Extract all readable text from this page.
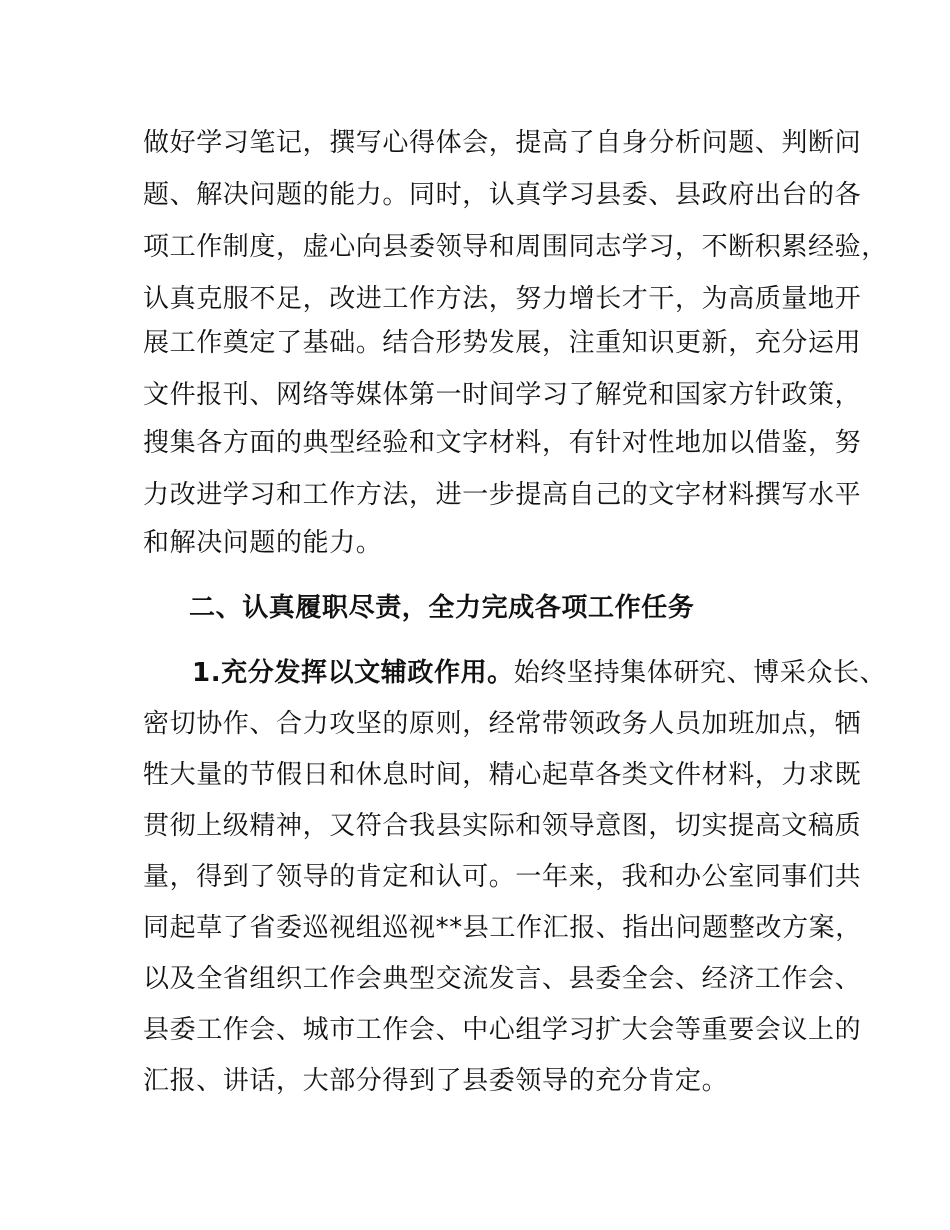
做好学习笔记，撰写心得体会，提高了自身分析问题、判断问
题、解决问题的能力。同时，认真学习县委、县政府出台的各
项工作制度，虚心向县委领导和周围同志学习，不断积累经验，
认真克服不足，改进工作方法，努力增长才干，为高质量地开
展工作奠定了基础。结合形势发展，注重知识更新，充分运用
文件报刊、网络等媒体第一时间学习了解党和国家方针政策，
搜集各方面的典型经验和文字材料，有针对性地加以借鉴，努
力改进学习和工作方法，进一步提高自己的文字材料撰写水平
和解决问题的能力。
二、认真履职尽责，全力完成各项工作任务
1.充分发挥以文辅政作用。始终坚持集体研究、博采众长、
密切协作、合力攻坚的原则，经常带领政务人员加班加点，牺
牲大量的节假日和休息时间，精心起草各类文件材料，力求既
贯彻上级精神，又符合我县实际和领导意图，切实提高文稿质
量，得到了领导的肯定和认可。一年来，我和办公室同事们共
同起草了省委巡视组巡视**县工作汇报、指出问题整改方案，
以及全省组织工作会典型交流发言、县委全会、经济工作会、
县委工作会、城市工作会、中心组学习扩大会等重要会议上的
汇报、讲话，大部分得到了县委领导的充分肯定。
